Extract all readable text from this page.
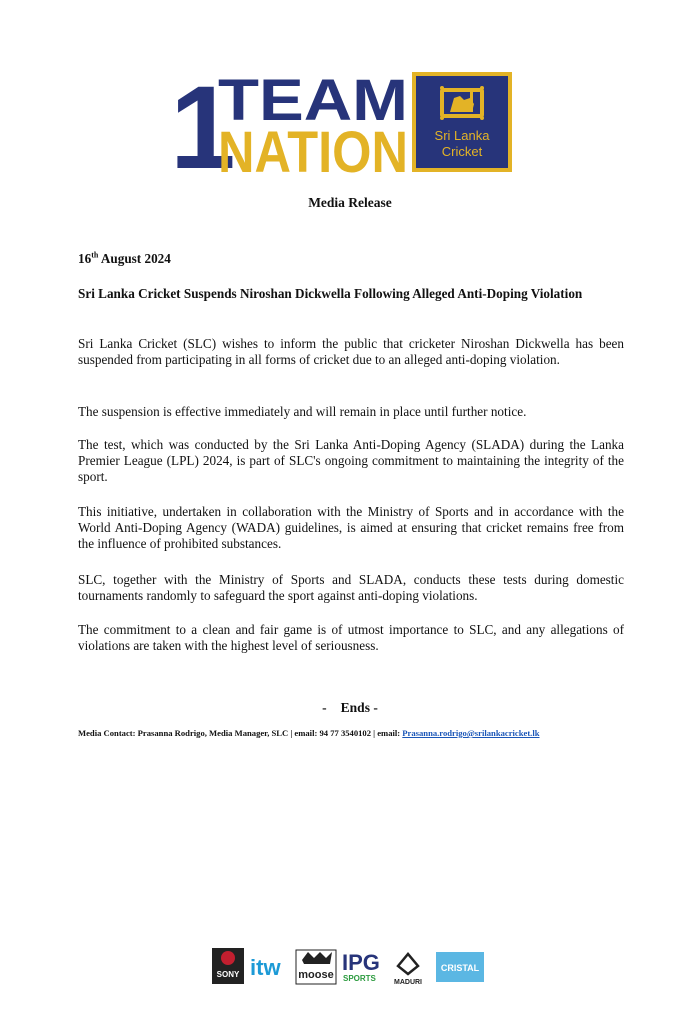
1
TEAM
NATION Sri Lanka
Cricket
Media Release
16th August 2024
Sri Lanka Cricket Suspends Niroshan Dickwella Following Alleged Anti-Doping Violation
Sri Lanka Cricket (SLC) wishes to inform the public that cricketer Niroshan Dickwella has been suspended from participating in all forms of cricket due to an alleged anti-doping violation.
The suspension is effective immediately and will remain in place until further notice.
The test, which was conducted by the Sri Lanka Anti-Doping Agency (SLADA) during the Lanka Premier League (LPL) 2024, is part of SLC's ongoing commitment to maintaining the integrity of the sport.
This initiative, undertaken in collaboration with the Ministry of Sports and in accordance with the World Anti-Doping Agency (WADA) guidelines, is aimed at ensuring that cricket remains free from the influence of prohibited substances.
SLC, together with the Ministry of Sports and SLADA, conducts these tests during domestic tournaments randomly to safeguard the sport against anti-doping violations.
The commitment to a clean and fair game is of utmost importance to SLC, and any allegations of violations are taken with the highest level of seriousness.
- Ends -
Media Contact: Prasanna Rodrigo, Media Manager, SLC | email: 94 77 3540102 | email: Prasanna.rodrigo@srilankacricket.lk
SONY itw moose IPG
SPORTS	MADURI
CRISTAL
